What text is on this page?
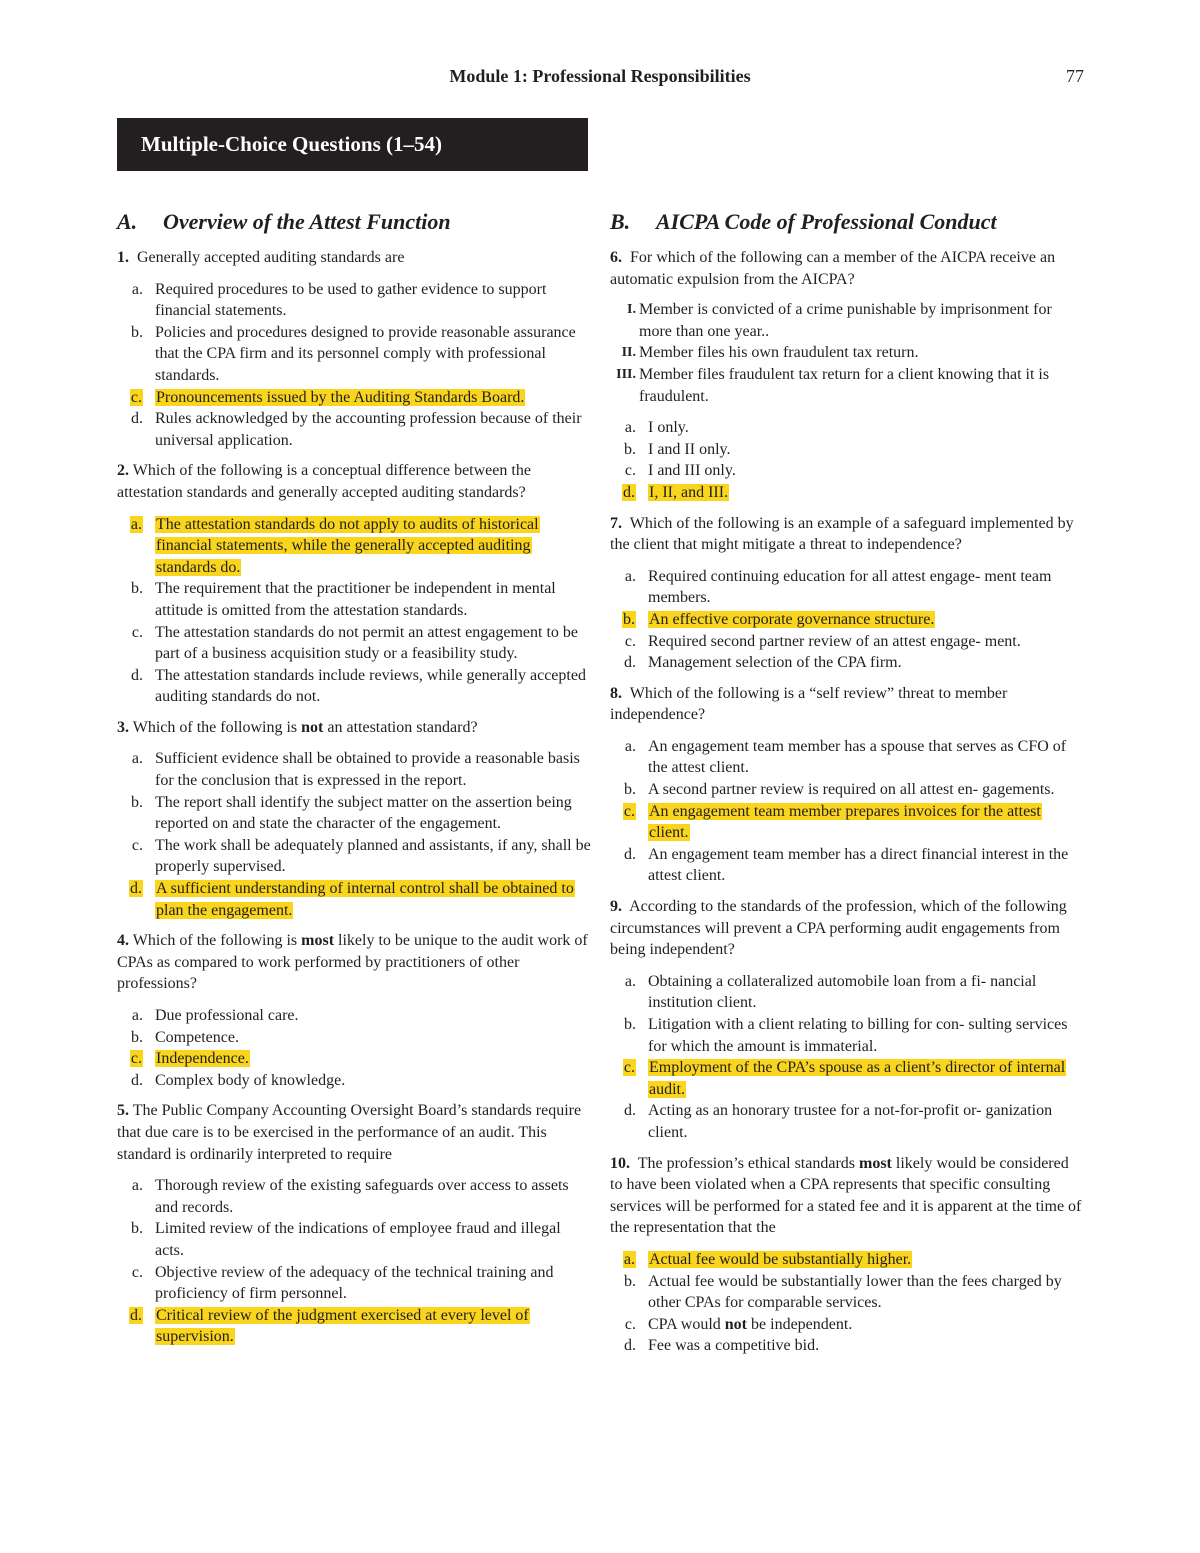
Module 1: Professional Responsibilities	77
Multiple-Choice Questions (1–54)
A.	Overview of the Attest Function
1. Generally accepted auditing standards are
a. Required procedures to be used to gather evidence to support financial statements.
b. Policies and procedures designed to provide reasonable assurance that the CPA firm and its personnel comply with professional standards.
c. Pronouncements issued by the Auditing Standards Board.
d. Rules acknowledged by the accounting profession because of their universal application.
2. Which of the following is a conceptual difference between the attestation standards and generally accepted auditing standards?
a. The attestation standards do not apply to audits of historical financial statements, while the generally accepted auditing standards do.
b. The requirement that the practitioner be independent in mental attitude is omitted from the attestation standards.
c. The attestation standards do not permit an attest engagement to be part of a business acquisition study or a feasibility study.
d. The attestation standards include reviews, while generally accepted auditing standards do not.
3. Which of the following is not an attestation standard?
a. Sufficient evidence shall be obtained to provide a reasonable basis for the conclusion that is expressed in the report.
b. The report shall identify the subject matter on the assertion being reported on and state the character of the engagement.
c. The work shall be adequately planned and assistants, if any, shall be properly supervised.
d. A sufficient understanding of internal control shall be obtained to plan the engagement.
4. Which of the following is most likely to be unique to the audit work of CPAs as compared to work performed by practitioners of other professions?
a. Due professional care.
b. Competence.
c. Independence.
d. Complex body of knowledge.
5. The Public Company Accounting Oversight Board’s standards require that due care is to be exercised in the performance of an audit. This standard is ordinarily interpreted to require
a. Thorough review of the existing safeguards over access to assets and records.
b. Limited review of the indications of employee fraud and illegal acts.
c. Objective review of the adequacy of the technical training and proficiency of firm personnel.
d. Critical review of the judgment exercised at every level of supervision.
B.	AICPA Code of Professional Conduct
6. For which of the following can a member of the AICPA receive an automatic expulsion from the AICPA?
I. Member is convicted of a crime punishable by imprisonment for more than one year..
II. Member files his own fraudulent tax return.
III. Member files fraudulent tax return for a client knowing that it is fraudulent.
a. I only.
b. I and II only.
c. I and III only.
d. I, II, and III.
7. Which of the following is an example of a safeguard implemented by the client that might mitigate a threat to independence?
a. Required continuing education for all attest engage- ment team members.
b. An effective corporate governance structure.
c. Required second partner review of an attest engage- ment.
d. Management selection of the CPA firm.
8. Which of the following is a “self review” threat to member independence?
a. An engagement team member has a spouse that serves as CFO of the attest client.
b. A second partner review is required on all attest en- gagements.
c. An engagement team member prepares invoices for the attest client.
d. An engagement team member has a direct financial interest in the attest client.
9. According to the standards of the profession, which of the following circumstances will prevent a CPA performing audit engagements from being independent?
a. Obtaining a collateralized automobile loan from a fi- nancial institution client.
b. Litigation with a client relating to billing for con- sulting services for which the amount is immaterial.
c. Employment of the CPA’s spouse as a client’s director of internal audit.
d. Acting as an honorary trustee for a not-for-profit or- ganization client.
10. The profession’s ethical standards most likely would be considered to have been violated when a CPA represents that specific consulting services will be performed for a stated fee and it is apparent at the time of the representation that the
a. Actual fee would be substantially higher.
b. Actual fee would be substantially lower than the fees charged by other CPAs for comparable services.
c. CPA would not be independent.
d. Fee was a competitive bid.
